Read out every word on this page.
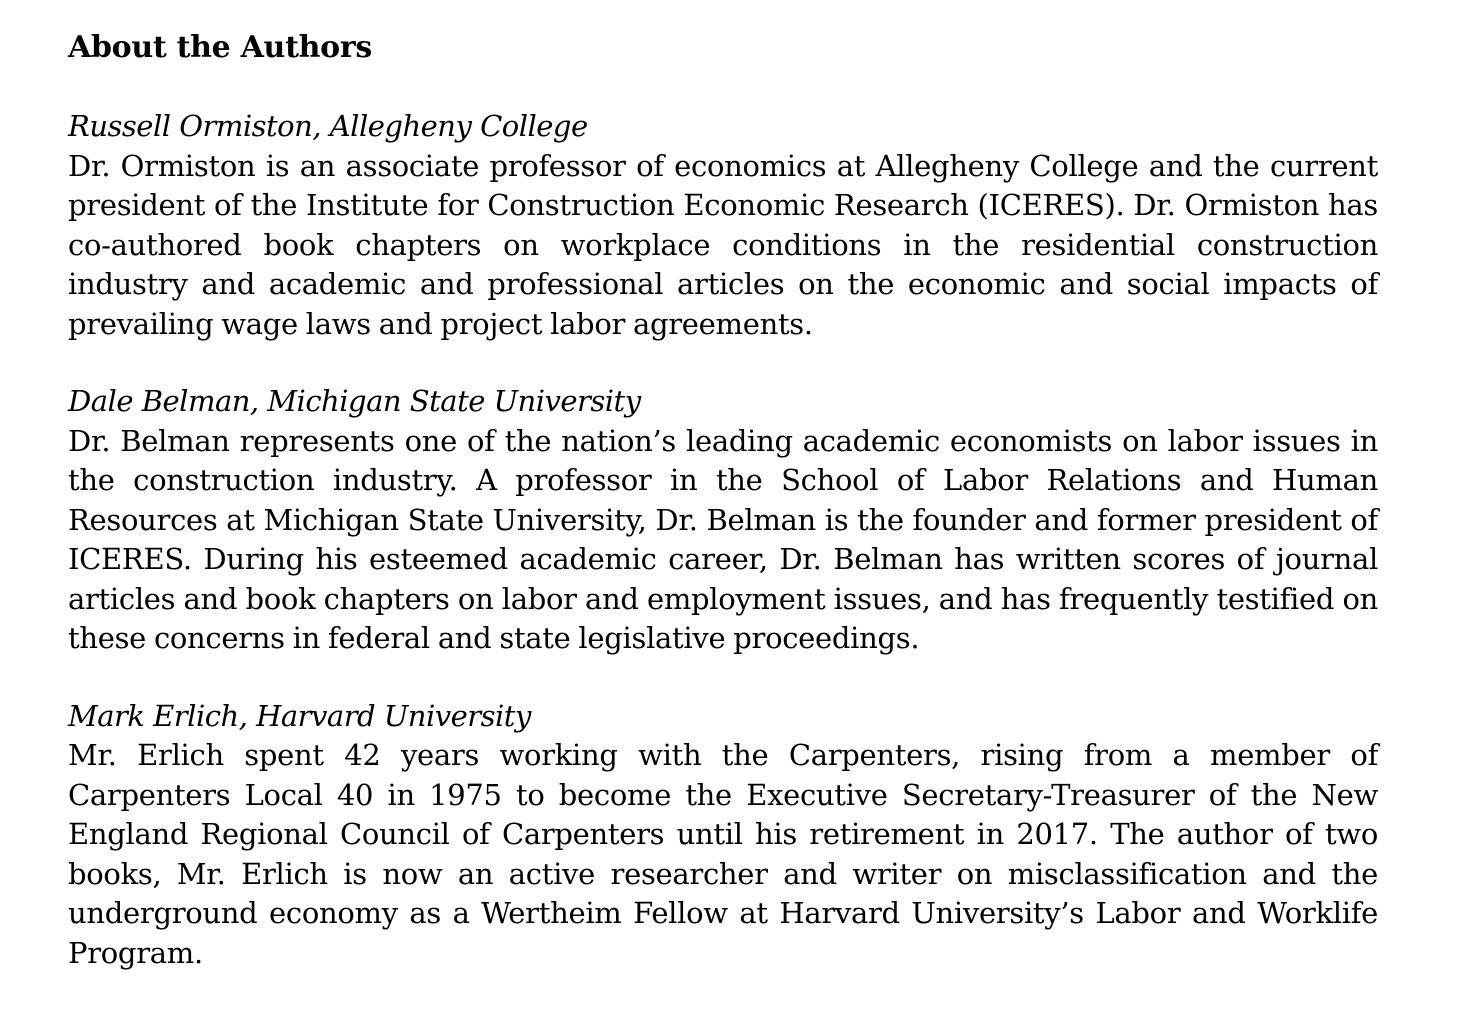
About the Authors

Russell Ormiston, Allegheny College

Dr. Ormiston is an associate professor of economics at Allegheny College and the current president of the Institute for Construction Economic Research (ICERES). Dr. Ormiston has co-authored book chapters on workplace conditions in the residential construction industry and academic and professional articles on the economic and social impacts of prevailing wage laws and project labor agreements.

Dale Belman, Michigan State University

Dr. Belman represents one of the nation’s leading academic economists on labor issues in the construction industry. A professor in the School of Labor Relations and Human Resources at Michigan State University, Dr. Belman is the founder and former president of ICERES. During his esteemed academic career, Dr. Belman has written scores of journal articles and book chapters on labor and employment issues, and has frequently testified on these concerns in federal and state legislative proceedings.

Mark Erlich, Harvard University

Mr. Erlich spent 42 years working with the Carpenters, rising from a member of Carpenters Local 40 in 1975 to become the Executive Secretary-Treasurer of the New England Regional Council of Carpenters until his retirement in 2017. The author of two books, Mr. Erlich is now an active researcher and writer on misclassification and the underground economy as a Wertheim Fellow at Harvard University’s Labor and Worklife Program.
